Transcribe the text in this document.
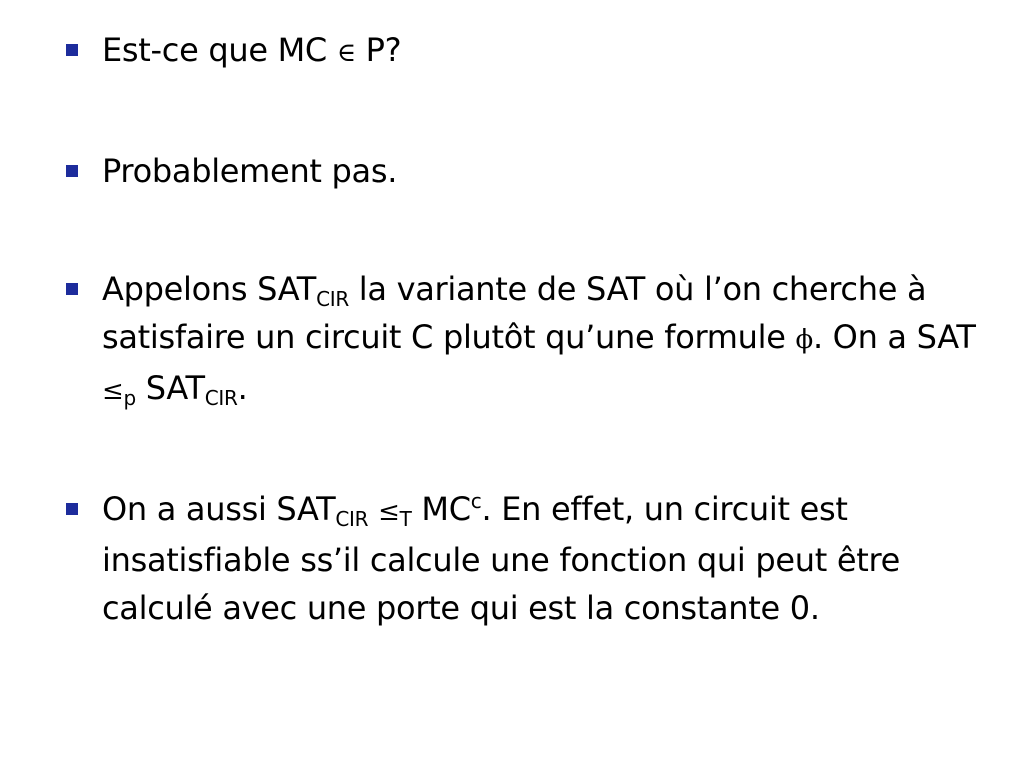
Est-ce que MC ∈ P?
Probablement pas.
Appelons $SAT_{CIR}$ la variante de SAT où l’on cherche à satisfaire un circuit C plutôt qu’une formule ϕ. On a SAT $\le_p$ $SAT_{CIR}$.
On a aussi $SAT_{CIR} \le_T$ $MC^c$. En effet, un circuit est insatisfiable ss’il calcule une fonction qui peut être calculé avec une porte qui est la constante 0.
